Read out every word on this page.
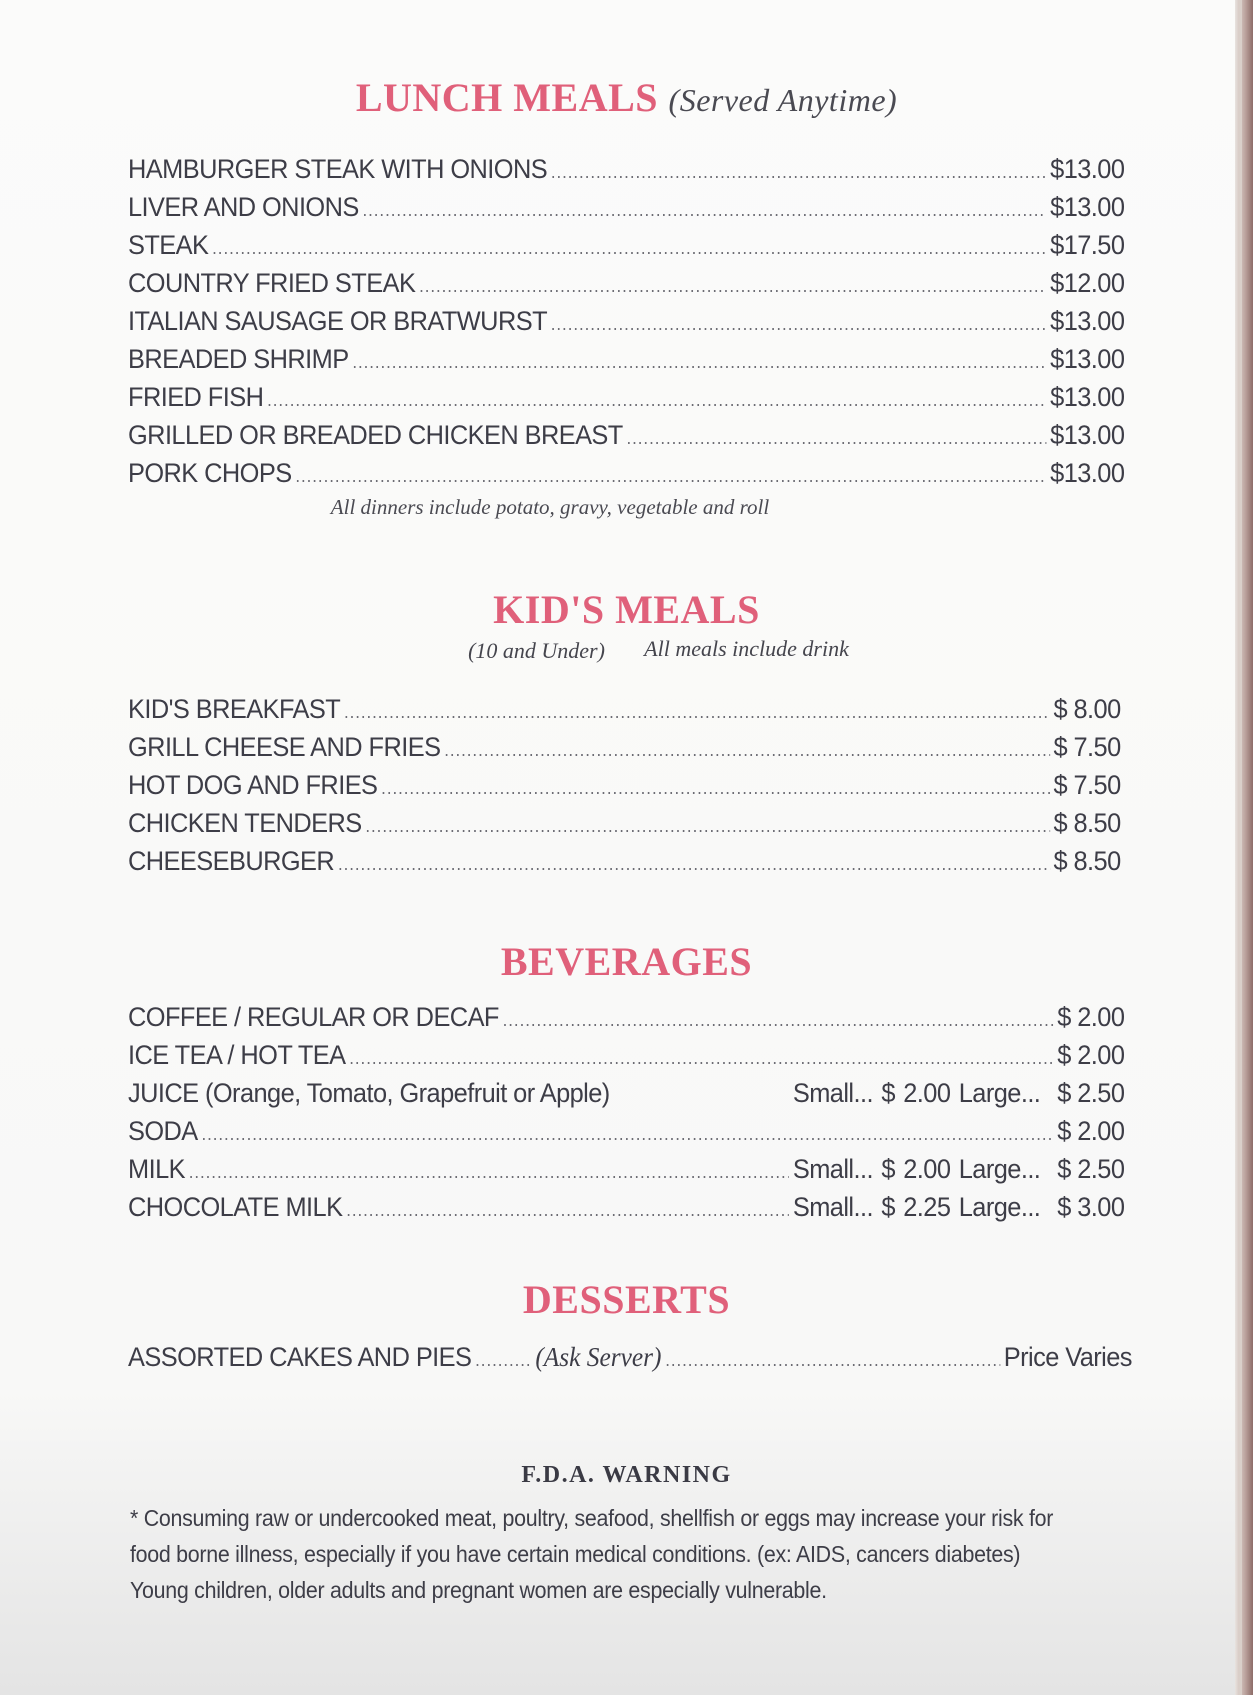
LUNCH MEALS (Served Anytime)
HAMBURGER STEAK WITH ONIONS .....	$13.00
LIVER AND ONIONS .....	$13.00
STEAK .....	$17.50
COUNTRY FRIED STEAK .....	$12.00
ITALIAN SAUSAGE OR BRATWURST .....	$13.00
BREADED SHRIMP .....	$13.00
FRIED FISH .....	$13.00
GRILLED OR BREADED CHICKEN BREAST .....	$13.00
PORK CHOPS .....	$13.00
All dinners include potato, gravy, vegetable and roll
KID'S MEALS
(10 and Under)	All meals include drink
KID'S BREAKFAST .....	$ 8.00
GRILL CHEESE AND FRIES .....	$ 7.50
HOT DOG AND FRIES .....	$ 7.50
CHICKEN TENDERS .....	$ 8.50
CHEESEBURGER .....	$ 8.50
BEVERAGES
COFFEE / REGULAR OR DECAF .....	$ 2.00
ICE TEA / HOT TEA .....	$ 2.00
JUICE (Orange, Tomato, Grapefruit or Apple)	Small... $ 2.00 Large... $ 2.50
SODA .....	$ 2.00
MILK .....	Small... $ 2.00 Large... $ 2.50
CHOCOLATE MILK .....	Small... $ 2.25 Large... $ 3.00
DESSERTS
ASSORTED CAKES AND PIES ..... (Ask Server) .....	Price Varies
F.D.A. WARNING
* Consuming raw or undercooked meat, poultry, seafood, shellfish or eggs may increase your risk for food borne illness, especially if you have certain medical conditions. (ex: AIDS, cancers diabetes) Young children, older adults and pregnant women are especially vulnerable.
